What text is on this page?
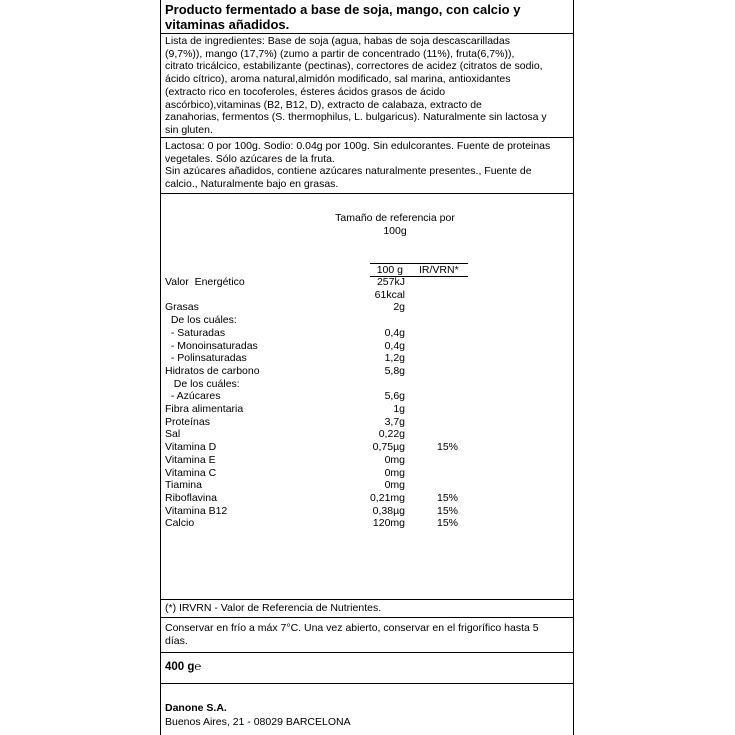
Producto fermentado a base de soja, mango, con calcio y
vitaminas añadidos.
Lista de ingredientes: Base de soja (agua, habas de soja descascarilladas
(9,7%)), mango (17,7%) (zumo a partir de concentrado (11%), fruta(6,7%)),
citrato tricálcico, estabilizante (pectinas), correctores de acidez (citratos de sodio,
ácido cítrico), aroma natural,almidón modificado, sal marina, antioxidantes
(extracto rico en tocoferoles, ésteres ácidos grasos de ácido
ascórbico),vitaminas (B2, B12, D), extracto de calabaza, extracto de
zanahorias, fermentos (S. thermophilus, L. bulgaricus). Naturalmente sin lactosa y
sin gluten.
Lactosa: 0 por 100g. Sodio: 0.04g por 100g. Sin edulcorantes. Fuente de proteinas
vegetales. Sólo azúcares de la fruta.
Sin azúcares añadidos, contiene azúcares naturalmente presentes., Fuente de
calcio., Naturalmente bajo en grasas.
Tamaño de referencia por
100g
100 g IR/VRN*
Valor  Energético	257kJ
61kcal
Grasas	2g
De los cuáles:
- Saturadas	0,4g
- Monoinsaturadas	0,4g
- Polinsaturadas	1,2g
Hidratos de carbono	5,8g
De los cuáles:
- Azúcares	5,6g
Fibra alimentaria	1g
Proteínas	3,7g
Sal	0,22g
Vitamina D	0,75µg	15%
Vitamina E	0mg
Vitamina C	0mg
Tiamina	0mg
Riboflavina	0,21mg	15%
Vitamina B12	0,38µg	15%
Calcio	120mg	15%
(*) IRVRN - Valor de Referencia de Nutrientes.
Conservar en frío a máx 7°C. Una vez abierto, conservar en el frigorífico hasta 5
días.
400 g℮
Danone S.A.
Buenos Aires, 21 - 08029 BARCELONA
